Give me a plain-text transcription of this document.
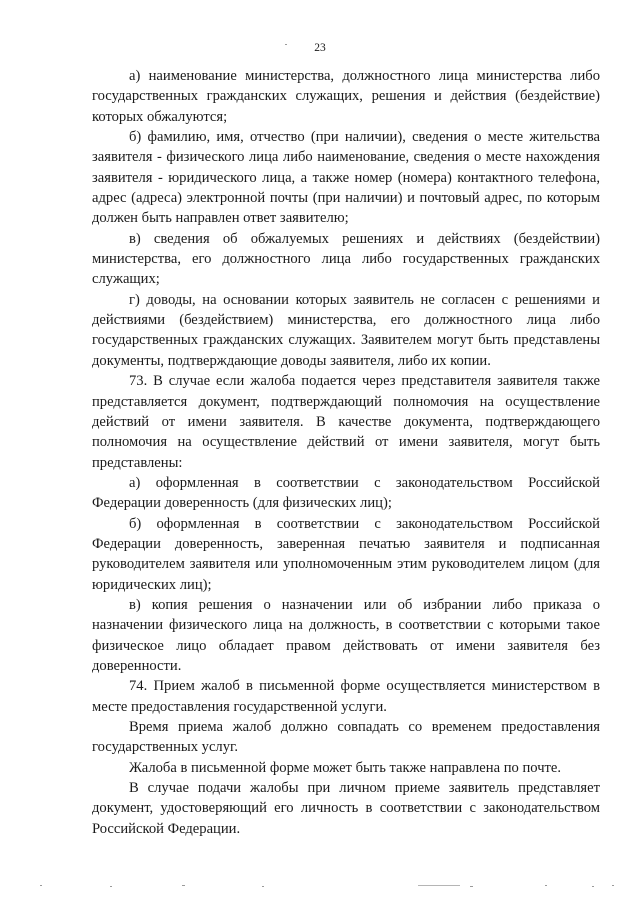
23

а) наименование министерства, должностного лица министерства либо государственных гражданских служащих, решения и действия (бездействие) которых обжалуются;

б) фамилию, имя, отчество (при наличии), сведения о месте жительства заявителя - физического лица либо наименование, сведения о месте нахождения заявителя - юридического лица, а также номер (номера) контактного телефона, адрес (адреса) электронной почты (при наличии) и почтовый адрес, по которым должен быть направлен ответ заявителю;

в) сведения об обжалуемых решениях и действиях (бездействии) министерства, его должностного лица либо государственных гражданских служащих;

г) доводы, на основании которых заявитель не согласен с решениями и действиями (бездействием) министерства, его должностного лица либо государственных гражданских служащих. Заявителем могут быть представлены документы, подтверждающие доводы заявителя, либо их копии.

73. В случае если жалоба подается через представителя заявителя также представляется документ, подтверждающий полномочия на осуществление действий от имени заявителя. В качестве документа, подтверждающего полномочия на осуществление действий от имени заявителя, могут быть представлены:

а) оформленная в соответствии с законодательством Российской Федерации доверенность (для физических лиц);

б) оформленная в соответствии с законодательством Российской Федерации доверенность, заверенная печатью заявителя и подписанная руководителем заявителя или уполномоченным этим руководителем лицом (для юридических лиц);

в) копия решения о назначении или об избрании либо приказа о назначении физического лица на должность, в соответствии с которыми такое физическое лицо обладает правом действовать от имени заявителя без доверенности.

74. Прием жалоб в письменной форме осуществляется министерством в месте предоставления государственной услуги.

Время приема жалоб должно совпадать со временем предоставления государственных услуг.

Жалоба в письменной форме может быть также направлена по почте.

В случае подачи жалобы при личном приеме заявитель представляет документ, удостоверяющий его личность в соответствии с законодательством Российской Федерации.
